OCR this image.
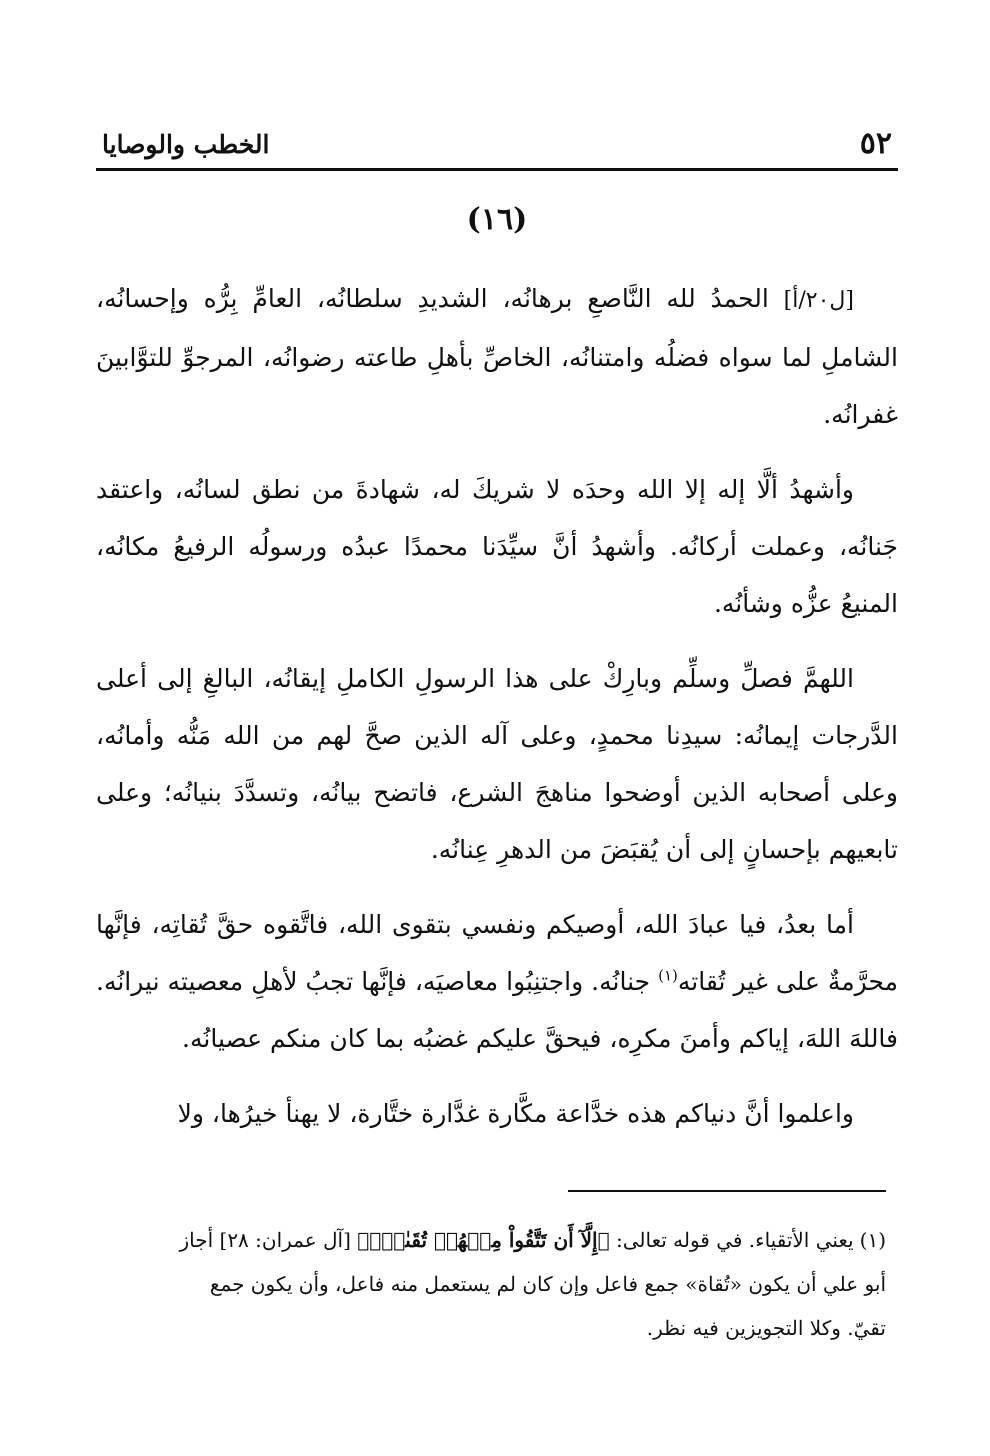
٥٢
الخطب والوصايا
(١٦)

[ل٢٠/أ] الحمدُ لله النَّاصعِ برهانُه، الشديدِ سلطانُه، العامِّ بِرُّه وإحسانُه، الشاملِ لما سواه فضلُه وامتنانُه، الخاصِّ بأهلِ طاعته رضوانُه، المرجوِّ للتوَّابينَ غفرانُه.

وأشهدُ ألَّا إله إلا الله وحدَه لا شريكَ له، شهادةَ من نطق لسانُه، واعتقد جَنانُه، وعملت أركانُه. وأشهدُ أنَّ سيِّدَنا محمدًا عبدُه ورسولُه الرفيعُ مكانُه، المنيعُ عزُّه وشأنُه.

اللهمَّ فصلِّ وسلِّم وبارِكْ على هذا الرسولِ الكاملِ إيقانُه، البالغِ إلى أعلى الدَّرجات إيمانُه: سيدِنا محمدٍ، وعلى آله الذين صحَّ لهم من الله مَنُّه وأمانُه، وعلى أصحابه الذين أوضحوا مناهجَ الشرع، فاتضح بيانُه، وتسدَّدَ بنيانُه؛ وعلى تابعيهم بإحسانٍ إلى أن يُقبَضَ من الدهرِ عِنانُه.

أما بعدُ، فيا عبادَ الله، أوصيكم ونفسي بتقوى الله، فاتَّقوه حقَّ تُقاتِه، فإنَّها محرَّمةٌ على غير تُقاته$^{(١)}$ جنانُه. واجتنِبُوا معاصيَه، فإنَّها تجبُ لأهلِ معصيته نيرانُه. فاللهَ اللهَ، إياكم وأمنَ مكرِه، فيحقَّ عليكم غضبُه بما كان منكم عصيانُه.

واعلموا أنَّ دنياكم هذه خدَّاعة مكَّارة غدَّارة ختَّارة، لا يهنأ خيرُها، ولا

(١)يعني الأتقياء. في قوله تعالى: ﴿إِلَّآ أَن تَتَّقُواْ مِنۡهُمۡ تُقَىٰةٗۗ﴾ [آل عمران: ٢٨] أجاز
أبو علي أن يكون «تُقاة» جمع فاعل وإن كان لم يستعمل منه فاعل، وأن يكون جمع
تقيّ. وكلا التجويزين فيه نظر.
